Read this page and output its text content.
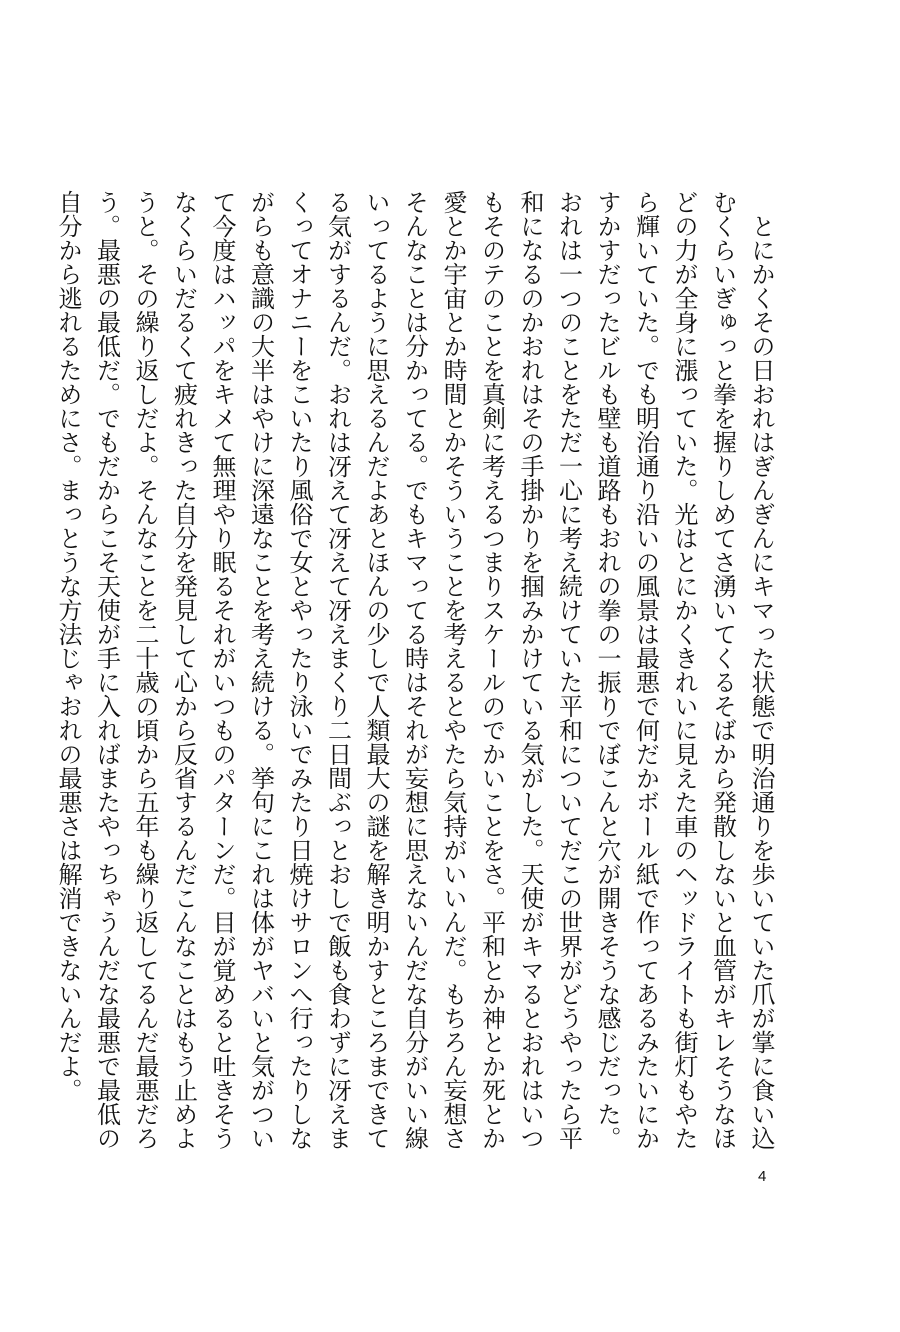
とにかくその日おれはぎんぎんにキマった状態で明治通りを歩いていた爪が掌に食い込むくらいぎゅっと拳を握りしめてさ湧いてくるそばから発散しないと血管がキレそうなほどの力が全身に漲っていた。光はとにかくきれいに見えた車のヘッドライトも街灯もやたら輝いていた。でも明治通り沿いの風景は最悪で何だかボール紙で作ってあるみたいにかすかすだったビルも壁も道路もおれの拳の一振りでぼこんと穴が開きそうな感じだった。おれは一つのことをただ一心に考え続けていた平和についてだこの世界がどうやったら平和になるのかおれはその手掛かりを掴みかけている気がした。天使がキマるとおれはいつもそのテのことを真剣に考えるつまりスケールのでかいことをさ。平和とか神とか死とか愛とか宇宙とか時間とかそういうことを考えるとやたら気持がいいんだ。もちろん妄想さそんなことは分かってる。でもキマってる時はそれが妄想に思えないんだな自分がいい線いってるように思えるんだよあとほんの少しで人類最大の謎を解き明かすところまできてる気がするんだ。おれは冴えて冴えて冴えまくり二日間ぶっとおしで飯も食わずに冴えまくってオナニーをこいたり風俗で女とやったり泳いでみたり日焼けサロンへ行ったりしながらも意識の大半はやけに深遠なことを考え続ける。挙句にこれは体がヤバいと気がついて今度はハッパをキメて無理やり眠るそれがいつものパターンだ。目が覚めると吐きそうなくらいだるくて疲れきった自分を発見して心から反省するんだこんなことはもう止めようと。その繰り返しだよ。そんなことを二十歳の頃から五年も繰り返してるんだ最悪だろう。最悪の最低だ。でもだからこそ天使が手に入ればまたやっちゃうんだな最悪で最低の自分から逃れるためにさ。まっとうな方法じゃおれの最悪さは解消できないんだよ。

4
